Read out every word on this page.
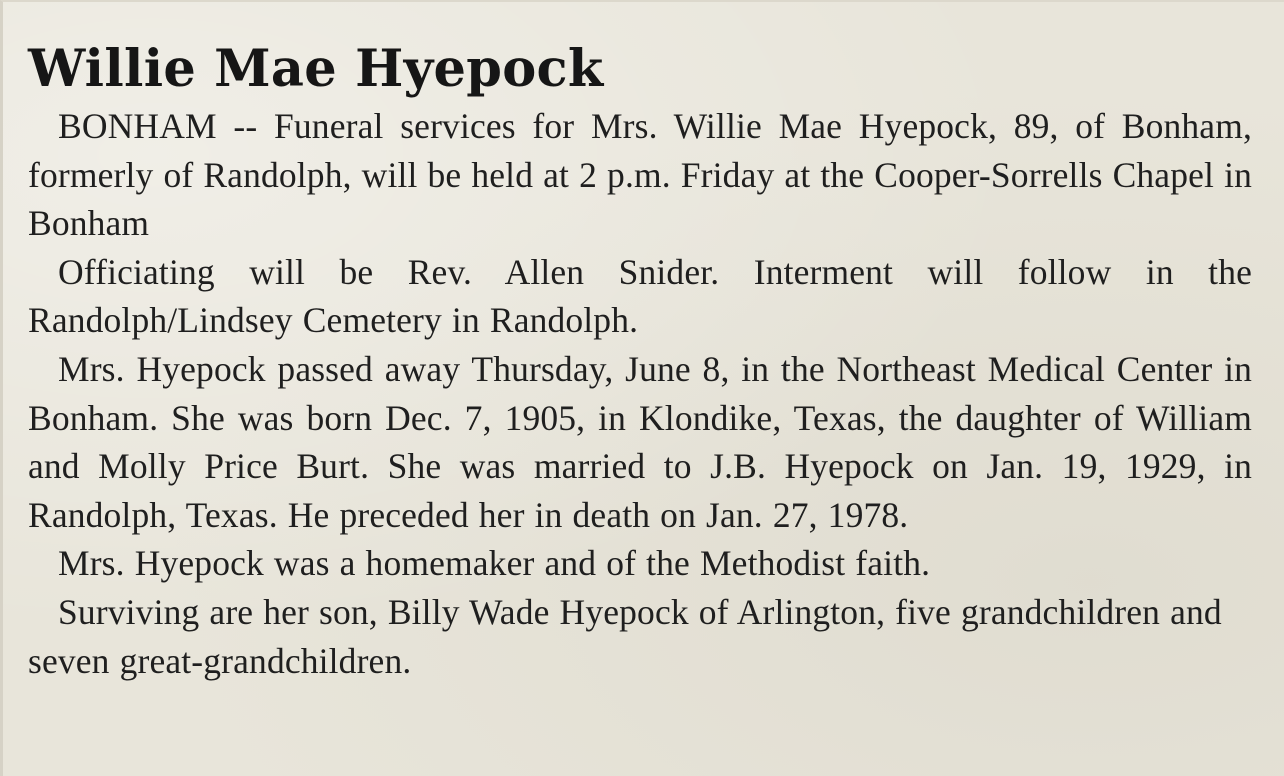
Willie Mae Hyepock

BONHAM -- Funeral services for Mrs. Willie Mae Hyepock, 89, of Bonham, formerly of Randolph, will be held at 2 p.m. Friday at the Cooper-Sorrells Chapel in Bonham

Officiating will be Rev. Allen Snider. Interment will follow in the Randolph/Lindsey Cemetery in Randolph.

Mrs. Hyepock passed away Thursday, June 8, in the Northeast Medical Center in Bonham. She was born Dec. 7, 1905, in Klondike, Texas, the daughter of William and Molly Price Burt. She was married to J.B. Hyepock on Jan. 19, 1929, in Randolph, Texas. He preceded her in death on Jan. 27, 1978.

Mrs. Hyepock was a homemaker and of the Methodist faith.

Surviving are her son, Billy Wade Hyepock of Arlington, five grandchildren and seven great-grandchildren.
